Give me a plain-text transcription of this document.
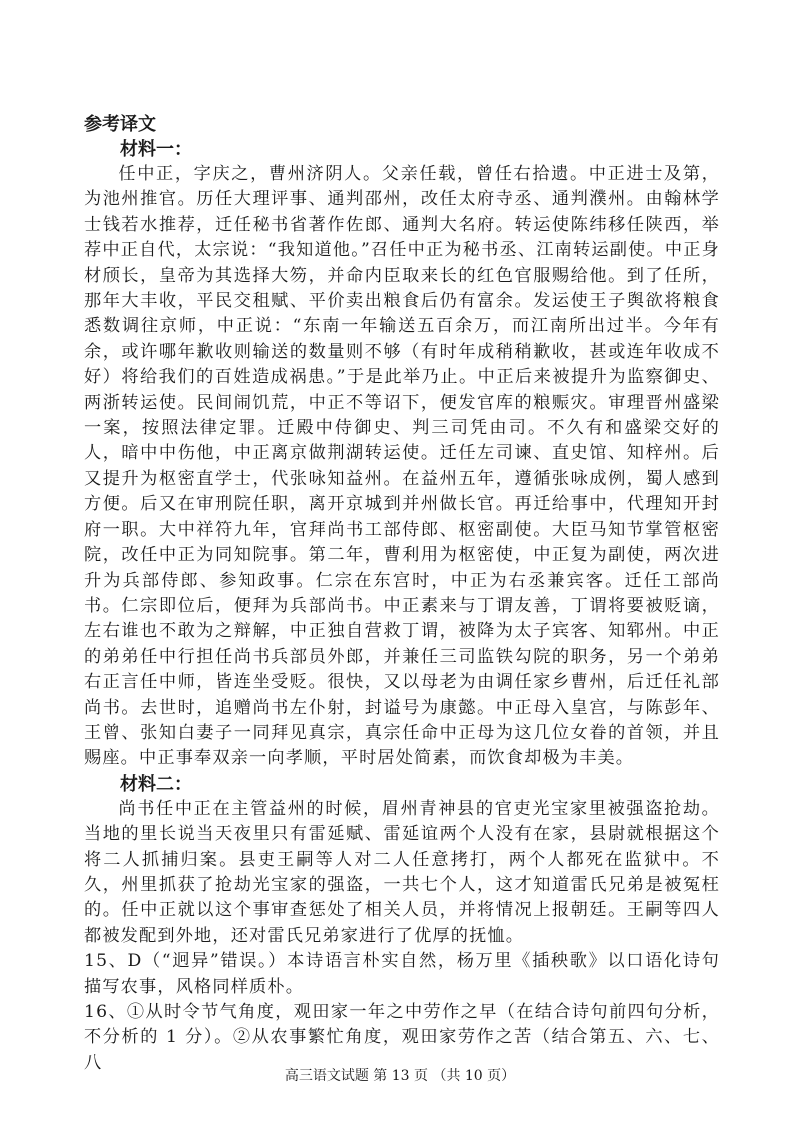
参考译文
材料一：

任中正，字庆之，曹州济阴人。父亲任载，曾任右拾遗。中正进士及第，为池州推官。历任大理评事、通判邵州，改任太府寺丞、通判濮州。由翰林学士钱若水推荐，迁任秘书省著作佐郎、通判大名府。转运使陈纬移任陕西，举荐中正自代，太宗说：“我知道他。”召任中正为秘书丞、江南转运副使。中正身材颀长，皇帝为其选择大笏，并命内臣取来长的红色官服赐给他。到了任所，那年大丰收，平民交租赋、平价卖出粮食后仍有富余。发运使王子舆欲将粮食悉数调往京师，中正说：“东南一年输送五百余万，而江南所出过半。今年有余，或许哪年歉收则输送的数量则不够（有时年成稍稍歉收，甚或连年收成不好）将给我们的百姓造成祸患。”于是此举乃止。中正后来被提升为监察御史、两浙转运使。民间闹饥荒，中正不等诏下，便发官库的粮赈灾。审理晋州盛梁一案，按照法律定罪。迁殿中侍御史、判三司凭由司。不久有和盛梁交好的人，暗中中伤他，中正离京做荆湖转运使。迁任左司谏、直史馆、知梓州。后又提升为枢密直学士，代张咏知益州。在益州五年，遵循张咏成例，蜀人感到方便。后又在审刑院任职，离开京城到并州做长官。再迁给事中，代理知开封府一职。大中祥符九年，官拜尚书工部侍郎、枢密副使。大臣马知节掌管枢密院，改任中正为同知院事。第二年，曹利用为枢密使，中正复为副使，两次进升为兵部侍郎、参知政事。仁宗在东宫时，中正为右丞兼宾客。迁任工部尚书。仁宗即位后，便拜为兵部尚书。中正素来与丁谓友善，丁谓将要被贬谪，左右谁也不敢为之辩解，中正独自营救丁谓，被降为太子宾客、知郓州。中正的弟弟任中行担任尚书兵部员外郎，并兼任三司监铁勾院的职务，另一个弟弟右正言任中师，皆连坐受贬。很快，又以母老为由调任家乡曹州，后迁任礼部尚书。去世时，追赠尚书左仆射，封谥号为康懿。中正母入皇宫，与陈彭年、王曾、张知白妻子一同拜见真宗，真宗任命中正母为这几位女眷的首领，并且赐座。中正事奉双亲一向孝顺，平时居处简素，而饮食却极为丰美。

材料二：

尚书任中正在主管益州的时候，眉州青神县的官吏光宝家里被强盗抢劫。当地的里长说当天夜里只有雷延赋、雷延谊两个人没有在家，县尉就根据这个将二人抓捕归案。县吏王嗣等人对二人任意拷打，两个人都死在监狱中。不久，州里抓获了抢劫光宝家的强盗，一共七个人，这才知道雷氏兄弟是被冤枉的。任中正就以这个事审查惩处了相关人员，并将情况上报朝廷。王嗣等四人都被发配到外地，还对雷氏兄弟家进行了优厚的抚恤。

15、D（“迥异”错误。）本诗语言朴实自然，杨万里《插秧歌》以口语化诗句描写农事，风格同样质朴。

16、①从时令节气角度，观田家一年之中劳作之早（在结合诗句前四句分析，不分析的 1 分）。②从农事繁忙角度，观田家劳作之苦（结合第五、六、七、八

高三语文试题 第 13 页 （共 10 页）
